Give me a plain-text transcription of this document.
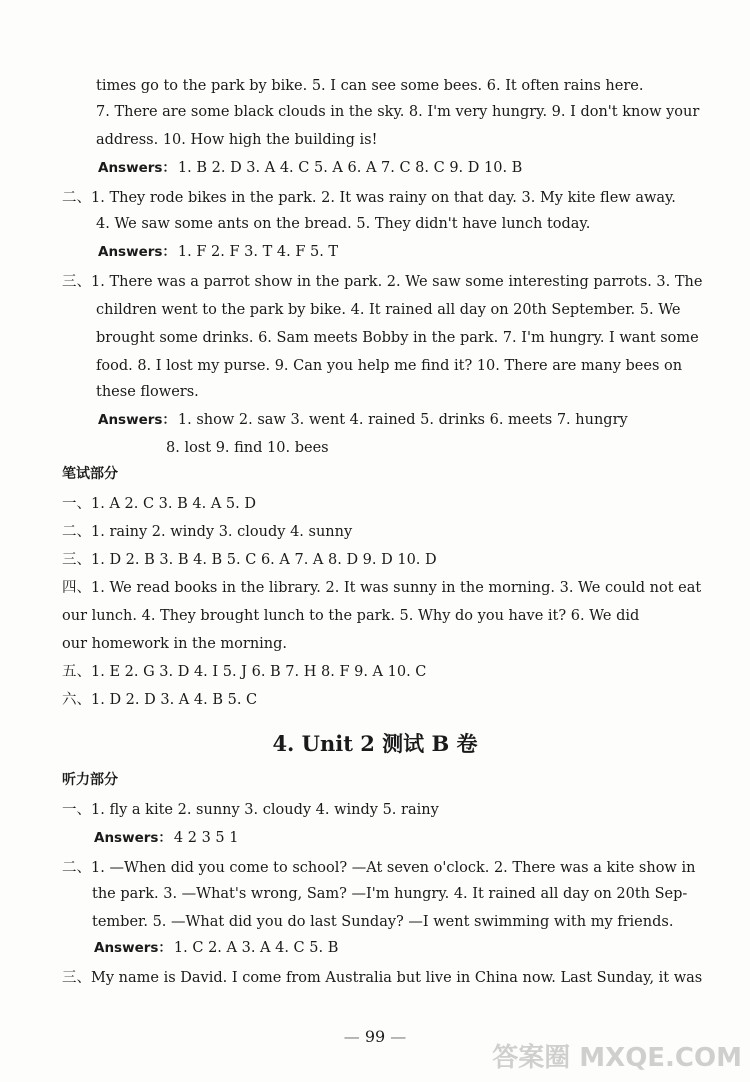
times go to the park by bike. 5. I can see some bees. 6. It often rains here.
7. There are some black clouds in the sky. 8. I'm very hungry. 9. I don't know your
address. 10. How high the building is!
Answers： 1. B 2. D 3. A 4. C 5. A 6. A 7. C 8. C 9. D 10. B
二、1. They rode bikes in the park. 2. It was rainy on that day. 3. My kite flew away.
4. We saw some ants on the bread. 5. They didn't have lunch today.
Answers： 1. F 2. F 3. T 4. F 5. T
三、1. There was a parrot show in the park. 2. We saw some interesting parrots. 3. The
children went to the park by bike. 4. It rained all day on 20th September. 5. We
brought some drinks. 6. Sam meets Bobby in the park. 7. I'm hungry. I want some
food. 8. I lost my purse. 9. Can you help me find it? 10. There are many bees on
these flowers.
Answers： 1. show 2. saw 3. went 4. rained 5. drinks 6. meets 7. hungry
8. lost 9. find 10. bees
笔试部分
一、1. A 2. C 3. B 4. A 5. D
二、1. rainy 2. windy 3. cloudy 4. sunny
三、1. D 2. B 3. B 4. B 5. C 6. A 7. A 8. D 9. D 10. D
四、1. We read books in the library. 2. It was sunny in the morning. 3. We could not eat
our lunch. 4. They brought lunch to the park. 5. Why do you have it? 6. We did
our homework in the morning.
五、1. E 2. G 3. D 4. I 5. J 6. B 7. H 8. F 9. A 10. C
六、1. D 2. D 3. A 4. B 5. C
4. Unit 2 测试 B 卷
听力部分
一、1. fly a kite 2. sunny 3. cloudy 4. windy 5. rainy
Answers： 4 2 3 5 1
二、1. —When did you come to school? —At seven o'clock. 2. There was a kite show in
the park. 3. —What's wrong, Sam? —I'm hungry. 4. It rained all day on 20th Sep-
tember. 5. —What did you do last Sunday? —I went swimming with my friends.
Answers： 1. C 2. A 3. A 4. C 5. B
三、My name is David. I come from Australia but live in China now. Last Sunday, it was
— 99 —
答案圈 MXQE.COM
